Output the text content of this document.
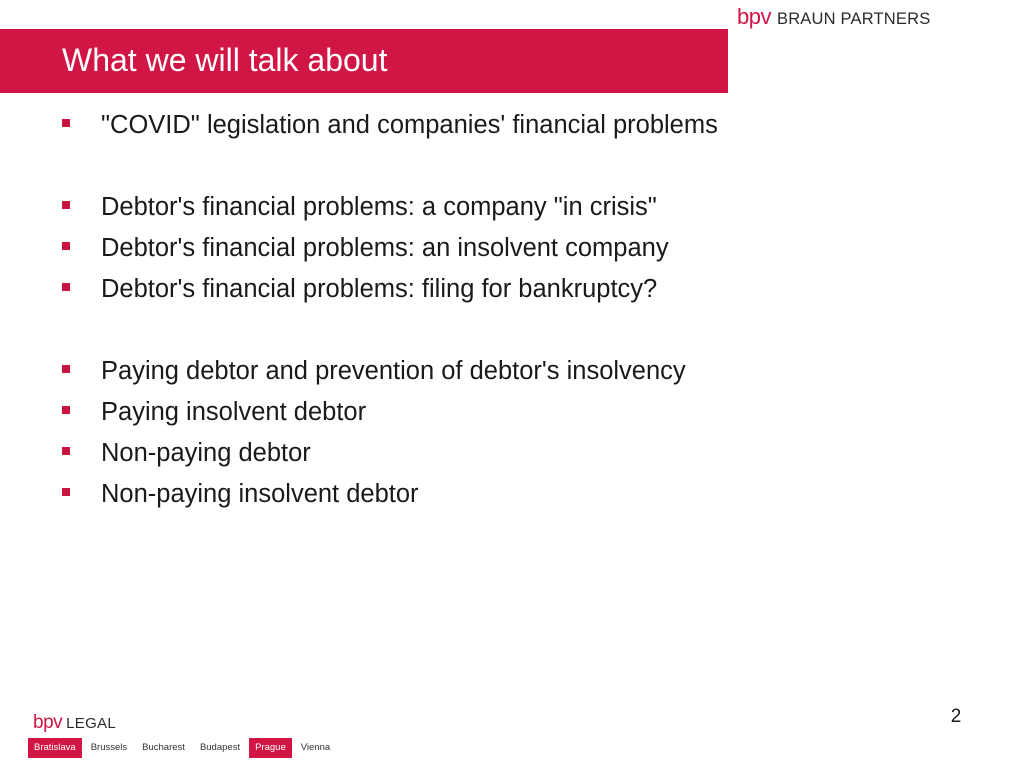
bpv BRAUN PARTNERS
What we will talk about
"COVID" legislation and companies' financial problems
Debtor's financial problems: a company "in crisis"
Debtor's financial problems: an insolvent company
Debtor's financial problems: filing for bankruptcy?
Paying debtor and prevention of debtor's insolvency
Paying insolvent debtor
Non-paying debtor
Non-paying insolvent debtor
2
bpv LEGAL
Bratislava	Brussels	Bucharest	Budapest	Prague	Vienna
